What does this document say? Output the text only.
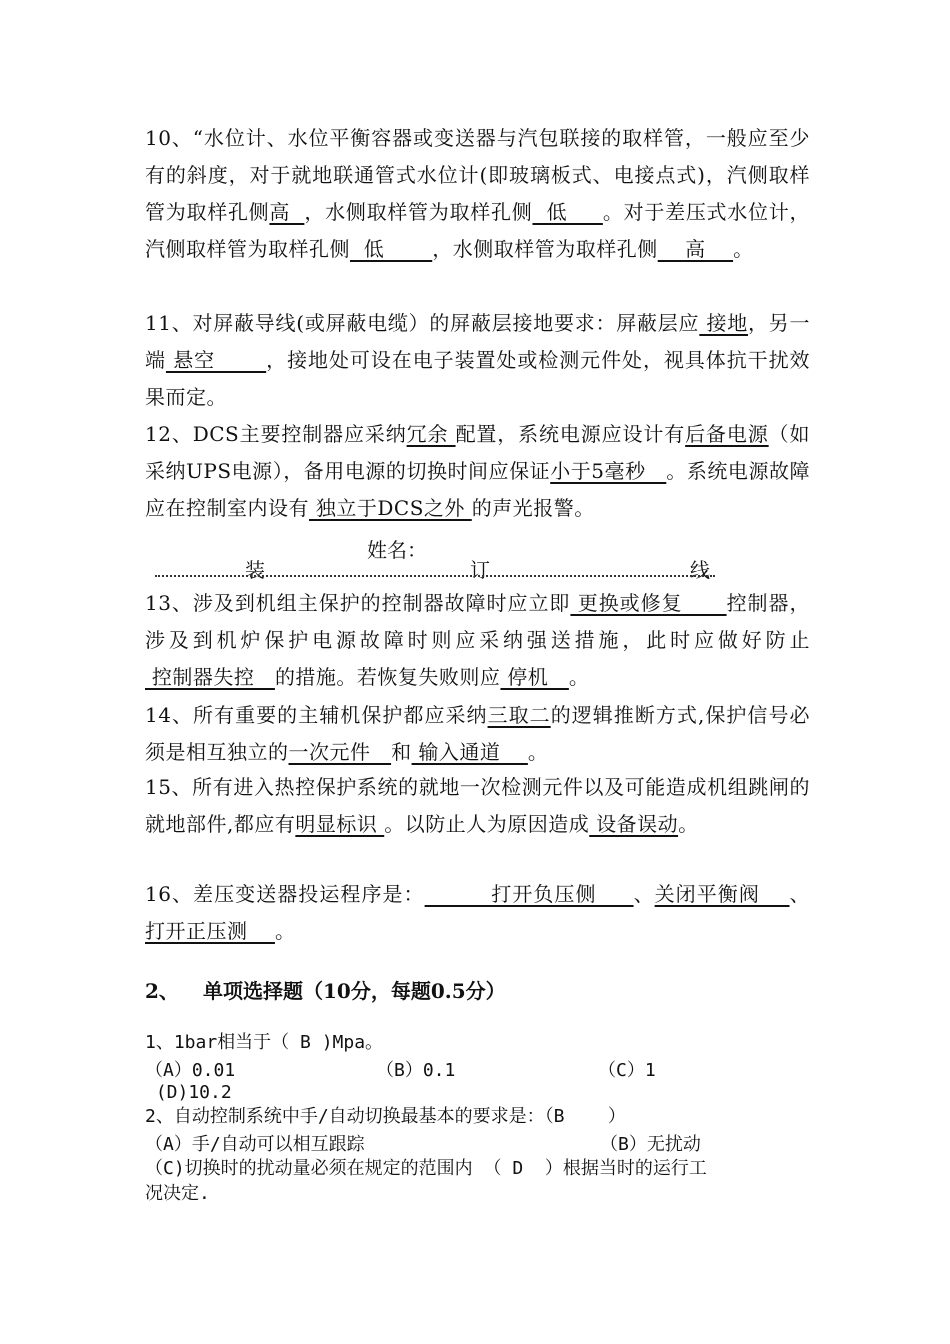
10、“水位计、水位平衡容器或变送器与汽包联接的取样管，一般应至少有的斜度，对于就地联通管式水位计(即玻璃板式、电接点式)，汽侧取样管为取样孔侧高  ，水侧取样管为取样孔侧  低     。对于差压式水位计，汽侧取样管为取样孔侧  低       ，水侧取样管为取样孔侧    高    。
11、对屏蔽导线(或屏蔽电缆）的屏蔽层接地要求：屏蔽层应 接地，另一端 悬空       ，接地处可设在电子装置处或检测元件处，视具体抗干扰效果而定。
12、DCS主要控制器应采纳冗余 配置，系统电源应设计有后备电源（如采纳UPS电源），备用电源的切换时间应保证小于5毫秒   。系统电源故障应在控制室内设有 独立于DCS之外 的声光报警。
姓名：
装	订	线
13、涉及到机组主保护的控制器故障时应立即 更换或修复      控制器，涉及到机炉保护电源故障时则应采纳强送措施，此时应做好防止 控制器失控   的措施。若恢复失败则应 停机   。
14、所有重要的主辅机保护都应采纳三取二的逻辑推断方式,保护信号必须是相互独立的一次元件   和 输入通道    。
15、所有进入热控保护系统的就地一次检测元件以及可能造成机组跳闸的就地部件,都应有明显标识 。以防止人为原因造成 设备误动。
16、差压变送器投运程序是：         打开负压侧     、关闭平衡阀    、打开正压测    。
2、 单项选择题（10分，每题0.5分）
1、1bar相当于（ B )Mpa。
（A）0.01	（B）0.1	（C）1
(D)10.2
2、自动控制系统中手/自动切换最基本的要求是：（B    ）
（A）手/自动可以相互跟踪	（B）无扰动
（C)切换时的扰动量必须在规定的范围内 （ D  ）根据当时的运行工
况决定.
